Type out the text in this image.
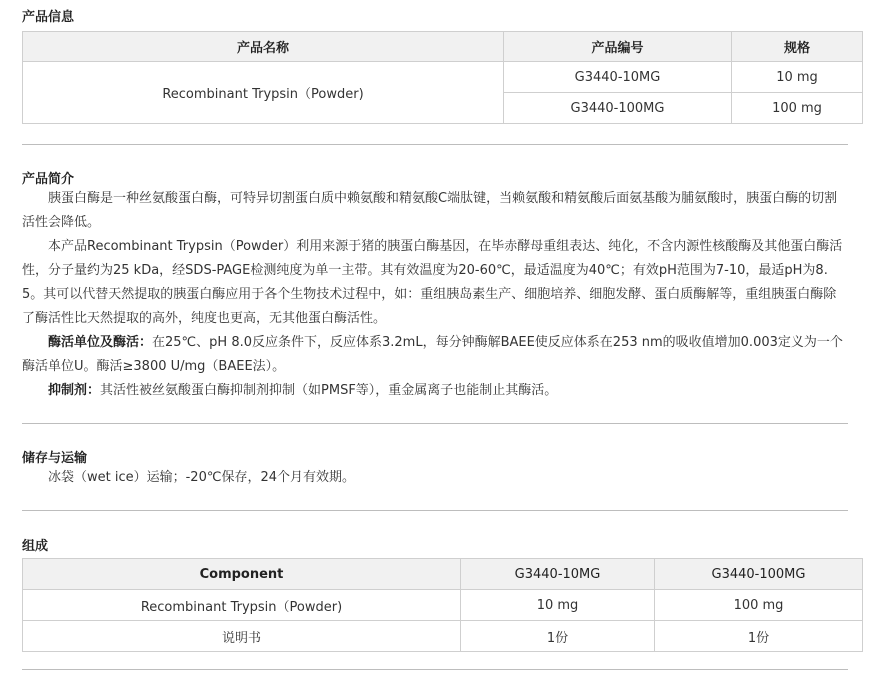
产品信息
产品名称	产品编号	规格
Recombinant Trypsin（Powder)	G3440-10MG	10 mg
	G3440-100MG	100 mg
产品简介

胰蛋白酶是一种丝氨酸蛋白酶，可特异切割蛋白质中赖氨酸和精氨酸C端肽键，当赖氨酸和精氨酸后面氨基酸为脯氨酸时，胰蛋白酶的切割活性会降低。

本产品Recombinant Trypsin（Powder）利用来源于猪的胰蛋白酶基因，在毕赤酵母重组表达、纯化，不含内源性核酸酶及其他蛋白酶活性，分子量约为25 kDa，经SDS-PAGE检测纯度为单一主带。其有效温度为20-60℃，最适温度为40℃；有效pH范围为7-10，最适pH为8.5。其可以代替天然提取的胰蛋白酶应用于各个生物技术过程中，如：重组胰岛素生产、细胞培养、细胞发酵、蛋白质酶解等，重组胰蛋白酶除了酶活性比天然提取的高外，纯度也更高，无其他蛋白酶活性。

酶活单位及酶活：在25℃、pH 8.0反应条件下，反应体系3.2mL，每分钟酶解BAEE使反应体系在253 nm的吸收值增加0.003定义为一个酶活单位U。酶活≥3800 U/mg（BAEE法）。

抑制剂：其活性被丝氨酸蛋白酶抑制剂抑制（如PMSF等），重金属离子也能制止其酶活。

储存与运输

冰袋（wet ice）运输；-20℃保存，24个月有效期。

组成
Component	G3440-10MG	G3440-100MG
Recombinant Trypsin（Powder)	10 mg	100 mg
说明书	1份	1份
